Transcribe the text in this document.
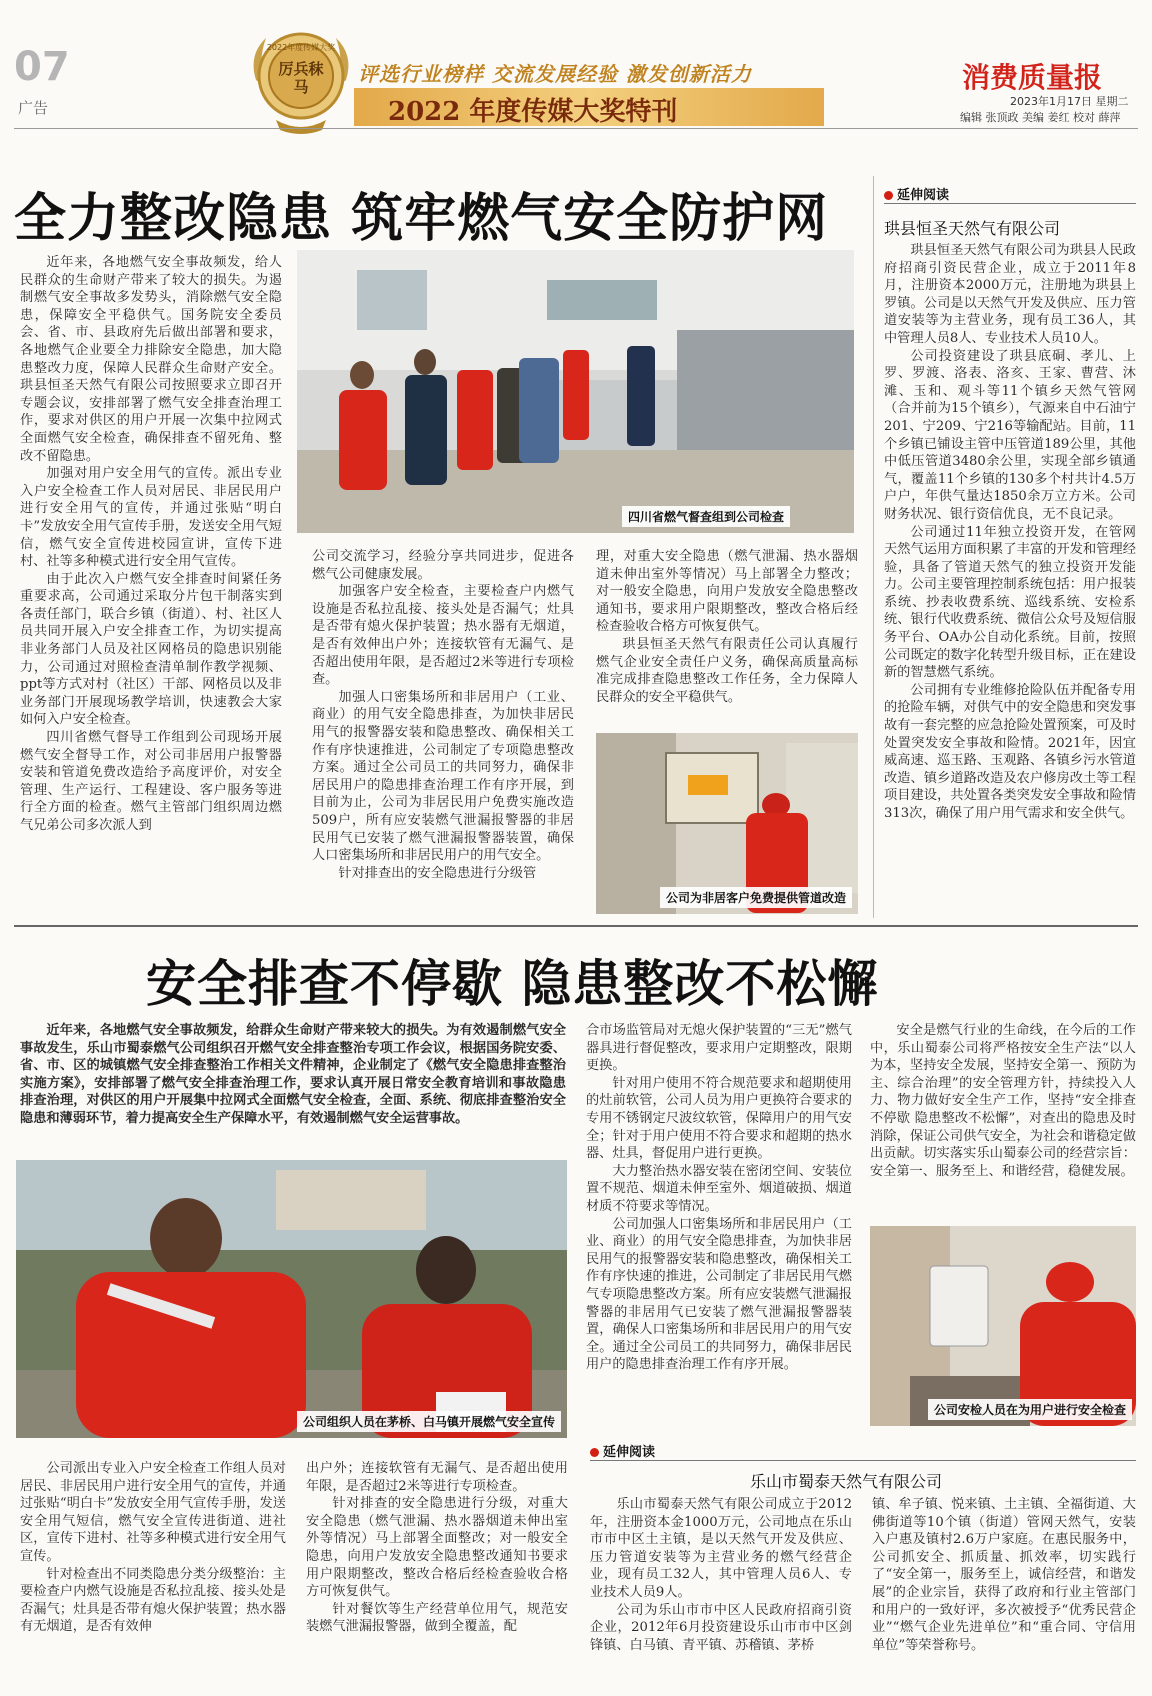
07
广告
2022年度传媒大奖
厉兵秣马
评选行业榜样 交流发展经验 激发创新活力
2022 年度传媒大奖特刊
消费质量报
2023年1月17日 星期二
编辑 张顶政 美编 姜红 校对 薛萍
全力整改隐患 筑牢燃气安全防护网
四川省燃气督查组到公司检查

近年来，各地燃气安全事故频发，给人民群众的生命财产带来了较大的损失。为遏制燃气安全事故多发势头，消除燃气安全隐患，保障安全平稳供气。国务院安全委员会、省、市、县政府先后做出部署和要求，各地燃气企业要全力排除安全隐患，加大隐患整改力度，保障人民群众生命财产安全。珙县恒圣天然气有限公司按照要求立即召开专题会议，安排部署了燃气安全排查治理工作，要求对供区的用户开展一次集中拉网式全面燃气安全检查，确保排查不留死角、整改不留隐患。

加强对用户安全用气的宣传。派出专业入户安全检查工作人员对居民、非居民用户进行安全用气的宣传，并通过张贴“明白卡”发放安全用气宣传手册，发送安全用气短信，燃气安全宣传进校园宣讲，宣传下进村、社等多种模式进行安全用气宣传。

由于此次入户燃气安全排查时间紧任务重要求高，公司通过采取分片包干制落实到各责任部门，联合乡镇（街道）、村、社区人员共同开展入户安全排查工作，为切实提高非业务部门人员及社区网格员的隐患识别能力，公司通过对照检查清单制作教学视频、ppt等方式对村（社区）干部、网格员以及非业务部门开展现场教学培训，快速教会大家如何入户安全检查。

四川省燃气督导工作组到公司现场开展燃气安全督导工作，对公司非居用户报警器安装和管道免费改造给予高度评价，对安全管理、生产运行、工程建设、客户服务等进行全方面的检查。燃气主管部门组织周边燃气兄弟公司多次派人到

公司交流学习，经验分享共同进步，促进各燃气公司健康发展。

加强客户安全检查，主要检查户内燃气设施是否私拉乱接、接头处是否漏气；灶具是否带有熄火保护装置；热水器有无烟道，是否有效伸出户外；连接软管有无漏气、是否超出使用年限，是否超过2米等进行专项检查。

加强人口密集场所和非居用户（工业、商业）的用气安全隐患排查，为加快非居民用气的报警器安装和隐患整改、确保相关工作有序快速推进，公司制定了专项隐患整改方案。通过全公司员工的共同努力，确保非居民用户的隐患排查治理工作有序开展，到目前为止，公司为非居民用户免费实施改造509户，所有应安装燃气泄漏报警器的非居民用气已安装了燃气泄漏报警器装置，确保人口密集场所和非居民用户的用气安全。

针对排查出的安全隐患进行分级管

理，对重大安全隐患（燃气泄漏、热水器烟道未伸出室外等情况）马上部署全力整改；对一般安全隐患，向用户发放安全隐患整改通知书，要求用户限期整改，整改合格后经检查验收合格方可恢复供气。

珙县恒圣天然气有限责任公司认真履行燃气企业安全责任户义务，确保高质量高标准完成排查隐患整改工作任务，全力保障人民群众的安全平稳供气。

公司为非居客户免费提供管道改造
延伸阅读
珙县恒圣天然气有限公司

珙县恒圣天然气有限公司为珙县人民政府招商引资民营企业，成立于2011年8月，注册资本2000万元，注册地为珙县上罗镇。公司是以天然气开发及供应、压力管道安装等为主营业务，现有员工36人，其中管理人员8人、专业技术人员10人。

公司投资建设了珙县底硐、孝儿、上罗、罗渡、洛表、洛亥、王家、曹营、沐滩、玉和、观斗等11个镇乡天然气管网（合并前为15个镇乡），气源来自中石油宁201、宁209、宁216等输配站。目前，11个乡镇已铺设主管中压管道189公里，其他中低压管道3480余公里，实现全部乡镇通气，覆盖11个乡镇的130多个村共计4.5万户户，年供气量达1850余万立方米。公司财务状况、银行资信优良，无不良记录。

公司通过11年独立投资开发，在管网天然气运用方面积累了丰富的开发和管理经验，具备了管道天然气的独立投资开发能力。公司主要管理控制系统包括：用户报装系统、抄表收费系统、巡线系统、安检系统、银行代收费系统、微信公众号及短信服务平台、OA办公自动化系统。目前，按照公司既定的数字化转型升级目标，正在建设新的智慧燃气系统。

公司拥有专业维修抢险队伍并配备专用的抢险车辆，对供气中的安全隐患和突发事故有一套完整的应急抢险处置预案，可及时处置突发安全事故和险情。2021年，因宜威高速、巡玉路、玉观路、各镇乡污水管道改造、镇乡道路改造及农户修房改土等工程项目建设，共处置各类突发安全事故和险情313次，确保了用户用气需求和安全供气。

安全排查不停歇 隐患整改不松懈

近年来，各地燃气安全事故频发，给群众生命财产带来较大的损失。为有效遏制燃气安全事故发生，乐山市蜀泰燃气公司组织召开燃气安全排查整治专项工作会议，根据国务院安委、省、市、区的城镇燃气安全排查整治工作相关文件精神，企业制定了《燃气安全隐患排查整治实施方案》，安排部署了燃气安全排查治理工作，要求认真开展日常安全教育培训和事故隐患排查治理，对供区的用户开展集中拉网式全面燃气安全检查，全面、系统、彻底排查整治安全隐患和薄弱环节，着力提高安全生产保障水平，有效遏制燃气安全运营事故。

公司组织人员在茅桥、白马镇开展燃气安全宣传

公司派出专业入户安全检查工作组人员对居民、非居民用户进行安全用气的宣传，并通过张贴“明白卡”发放安全用气宣传手册，发送安全用气短信，燃气安全宣传进街道、进社区，宣传下进村、社等多种模式进行安全用气宣传。

针对检查出不同类隐患分类分级整治：主要检查户内燃气设施是否私拉乱接、接头处是否漏气；灶具是否带有熄火保护装置；热水器有无烟道，是否有效伸

出户外；连接软管有无漏气、是否超出使用年限，是否超过2米等进行专项检查。

针对排查的安全隐患进行分级，对重大安全隐患（燃气泄漏、热水器烟道未伸出室外等情况）马上部署全面整改；对一般安全隐患，向用户发放安全隐患整改通知书要求用户限期整改，整改合格后经检查验收合格方可恢复供气。

针对餐饮等生产经营单位用气，规范安装燃气泄漏报警器，做到全覆盖，配

合市场监管局对无熄火保护装置的“三无”燃气器具进行督促整改，要求用户定期整改，限期更换。

针对用户使用不符合规范要求和超期使用的灶前软管，公司人员为用户更换符合要求的专用不锈钢定尺波纹软管，保障用户的用气安全；针对于用户使用不符合要求和超期的热水器、灶具，督促用户进行更换。

大力整治热水器安装在密闭空间、安装位置不规范、烟道未伸至室外、烟道破损、烟道材质不符要求等情况。

公司加强人口密集场所和非居民用户（工业、商业）的用气安全隐患排查，为加快非居民用气的报警器安装和隐患整改，确保相关工作有序快速的推进，公司制定了非居民用气燃气专项隐患整改方案。所有应安装燃气泄漏报警器的非居用气已安装了燃气泄漏报警器装置，确保人口密集场所和非居民用户的用气安全。通过全公司员工的共同努力，确保非居民用户的隐患排查治理工作有序开展。

安全是燃气行业的生命线，在今后的工作中，乐山蜀泰公司将严格按安全生产法“以人为本，坚持安全发展，坚持安全第一、预防为主、综合治理”的安全管理方针，持续投入人力、物力做好安全生产工作，坚持“安全排查不停歇 隐患整改不松懈”，对查出的隐患及时消除，保证公司供气安全，为社会和谐稳定做出贡献。切实落实乐山蜀泰公司的经营宗旨：安全第一、服务至上、和谐经营，稳健发展。

公司安检人员在为用户进行安全检查
延伸阅读
乐山市蜀泰天然气有限公司

乐山市蜀泰天然气有限公司成立于2012年，注册资本金1000万元，公司地点在乐山市市中区土主镇，是以天然气开发及供应、压力管道安装等为主营业务的燃气经营企业，现有员工32人，其中管理人员6人、专业技术人员9人。

公司为乐山市市中区人民政府招商引资企业，2012年6月投资建设乐山市市中区剑锋镇、白马镇、青平镇、苏稽镇、茅桥

镇、牟子镇、悦来镇、土主镇、全福街道、大佛街道等10个镇（街道）管网天然气，安装入户惠及镇村2.6万户家庭。在惠民服务中，公司抓安全、抓质量、抓效率，切实践行了“安全第一，服务至上，诚信经营，和谐发展”的企业宗旨，获得了政府和行业主管部门和用户的一致好评，多次被授予“优秀民营企业”“燃气企业先进单位”和“重合同、守信用单位”等荣誉称号。
